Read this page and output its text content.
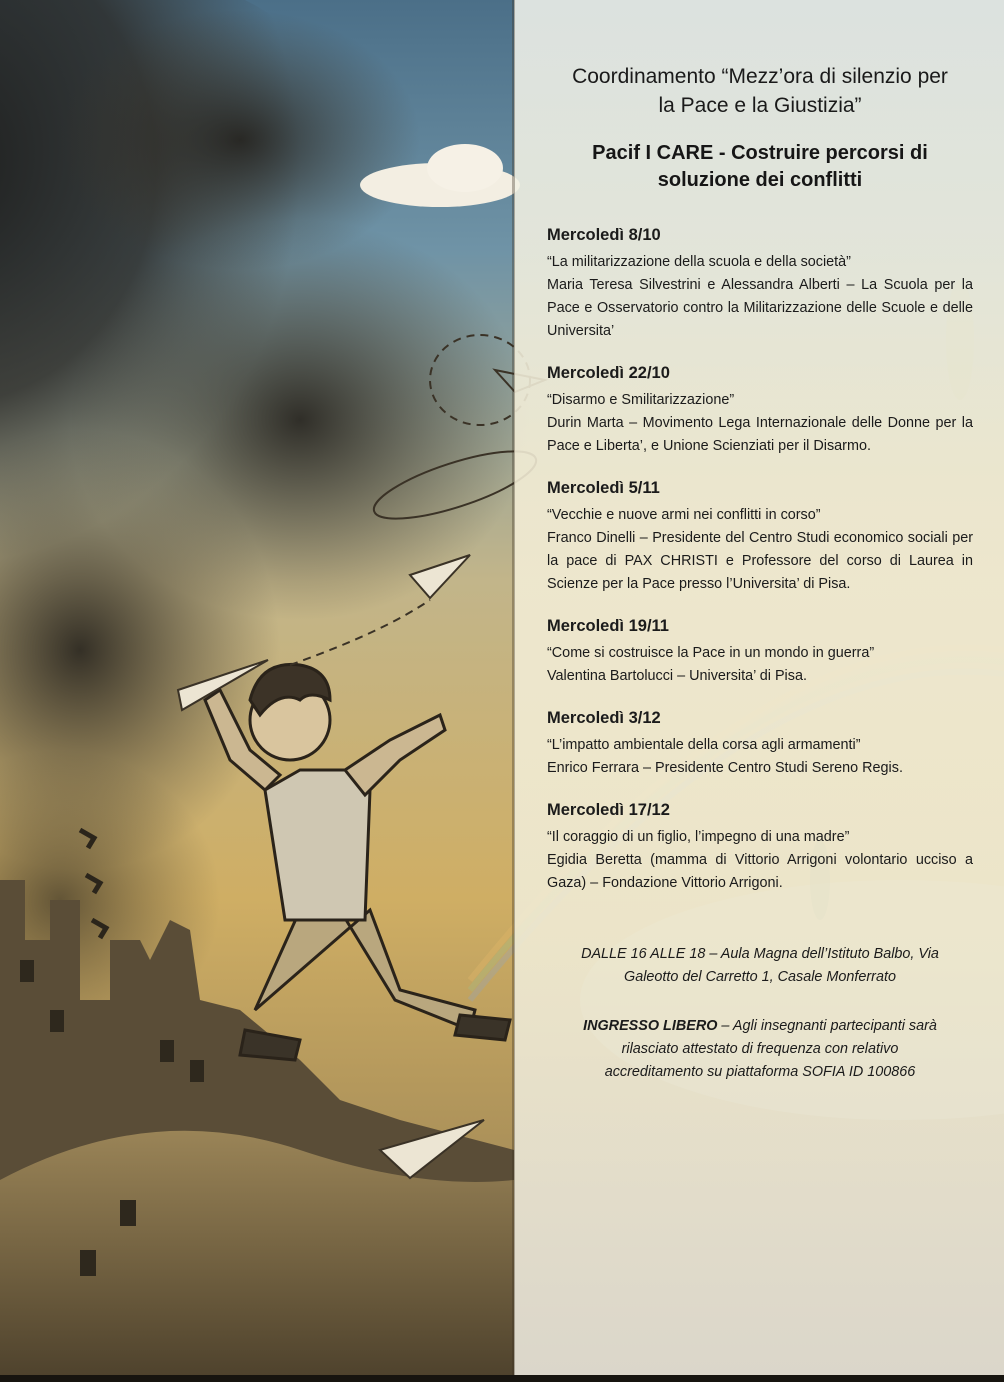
Coordinamento “Mezz’ora di silenzio per
la Pace e la Giustizia”
Pacif I CARE - Costruire percorsi di
soluzione dei conflitti
Mercoledì 8/10
“La militarizzazione della scuola e della società”
Maria Teresa Silvestrini e Alessandra Alberti – La Scuola per la Pace e Osservatorio contro la Militarizzazione delle Scuole e delle Universita’
Mercoledì 22/10
“Disarmo e Smilitarizzazione”
Durin Marta – Movimento Lega Internazionale delle Donne per la Pace e Liberta’, e Unione Scienziati per il Disarmo.
Mercoledì 5/11
“Vecchie e nuove armi nei conflitti in corso”
Franco Dinelli – Presidente del Centro Studi economico sociali per la pace di PAX CHRISTI e Professore del corso di Laurea in Scienze per la Pace presso l’Universita’ di Pisa.
Mercoledì 19/11
“Come si costruisce la Pace in un mondo in guerra”
Valentina Bartolucci – Universita’ di Pisa.
Mercoledì 3/12
“L’impatto ambientale della corsa agli armamenti”
Enrico Ferrara – Presidente Centro Studi Sereno Regis.
Mercoledì 17/12
“Il coraggio di un figlio, l’impegno di una madre”
Egidia Beretta (mamma di Vittorio Arrigoni volontario ucciso a Gaza) – Fondazione Vittorio Arrigoni.
DALLE 16 ALLE 18 – Aula Magna dell’Istituto Balbo, Via
Galeotto del Carretto 1, Casale Monferrato
INGRESSO LIBERO – Agli insegnanti partecipanti sarà
rilasciato attestato di frequenza con relativo
accreditamento su piattaforma SOFIA ID 100866
